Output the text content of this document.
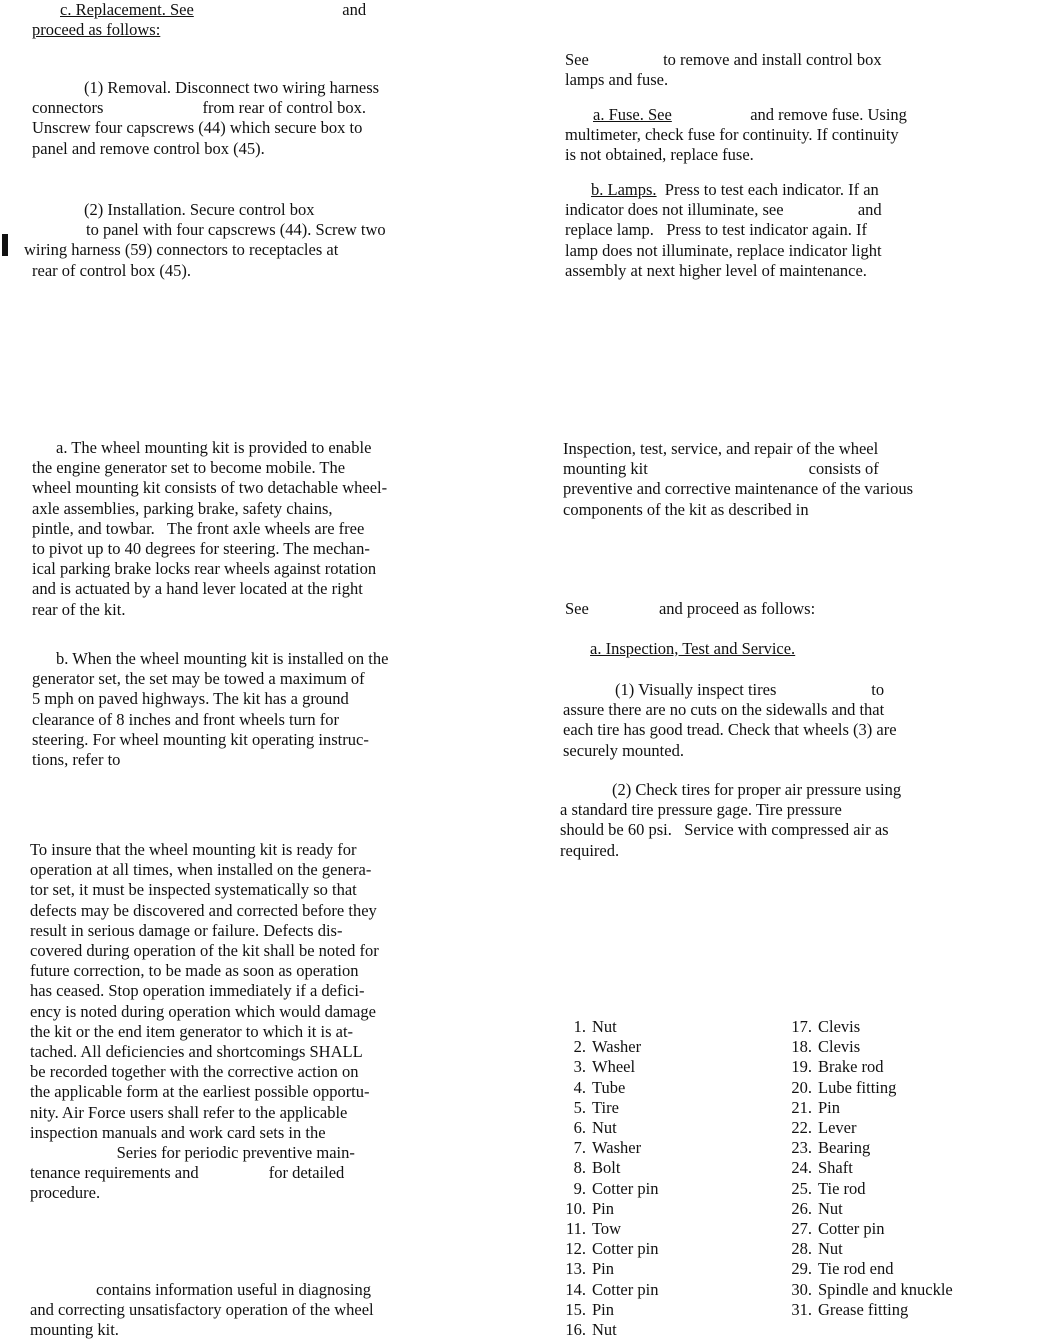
c. Replacement. See                                    and
proceed as follows:
(1) Removal. Disconnect two wiring harness
connectors                        from rear of control box.
Unscrew four capscrews (44) which secure box to
panel and remove control box (45).
(2) Installation. Secure control box
to panel with four capscrews (44). Screw two
wiring harness (59) connectors to receptacles at
rear of control box (45).
a. The wheel mounting kit is provided to enable
the engine generator set to become mobile. The
wheel mounting kit consists of two detachable wheel-
axle assemblies, parking brake, safety chains,
pintle, and towbar.   The front axle wheels are free
to pivot up to 40 degrees for steering. The mechan-
ical parking brake locks rear wheels against rotation
and is actuated by a hand lever located at the right
rear of the kit.
b. When the wheel mounting kit is installed on the
generator set, the set may be towed a maximum of
5 mph on paved highways. The kit has a ground
clearance of 8 inches and front wheels turn for
steering. For wheel mounting kit operating instruc-
tions, refer to
To insure that the wheel mounting kit is ready for
operation at all times, when installed on the genera-
tor set, it must be inspected systematically so that
defects may be discovered and corrected before they
result in serious damage or failure. Defects dis-
covered during operation of the kit shall be noted for
future correction, to be made as soon as operation
has ceased. Stop operation immediately if a defici-
ency is noted during operation which would damage
the kit or the end item generator to which it is at-
tached. All deficiencies and shortcomings SHALL
be recorded together with the corrective action on
the applicable form at the earliest possible opportu-
nity. Air Force users shall refer to the applicable
inspection manuals and work card sets in the
Series for periodic preventive main-
tenance requirements and                 for detailed
procedure.
contains information useful in diagnosing
and correcting unsatisfactory operation of the wheel
mounting kit.
See                  to remove and install control box
lamps and fuse.
a. Fuse. See                   and remove fuse. Using
multimeter, check fuse for continuity. If continuity
is not obtained, replace fuse.
b. Lamps.  Press to test each indicator. If an
indicator does not illuminate, see                  and
replace lamp.   Press to test indicator again. If
lamp does not illuminate, replace indicator light
assembly at next higher level of maintenance.
Inspection, test, service, and repair of the wheel
mounting kit                                       consists of
preventive and corrective maintenance of the various
components of the kit as described in
See                 and proceed as follows:
a. Inspection, Test and Service.
(1) Visually inspect tires                       to
assure there are no cuts on the sidewalls and that
each tire has good tread. Check that wheels (3) are
securely mounted.
(2) Check tires for proper air pressure using
a standard tire pressure gage. Tire pressure
should be 60 psi.   Service with compressed air as
required.
1. Nut
2. Washer
3. Wheel
4. Tube
5. Tire
6. Nut
7. Washer
8. Bolt
9. Cotter pin
10. Pin
11. Tow
12. Cotter pin
13. Pin
14. Cotter pin
15. Pin
16. Nut
17. Clevis
18. Clevis
19. Brake rod
20. Lube fitting
21. Pin
22. Lever
23. Bearing
24. Shaft
25. Tie rod
26. Nut
27. Cotter pin
28. Nut
29. Tie rod end
30. Spindle and knuckle
31. Grease fitting
